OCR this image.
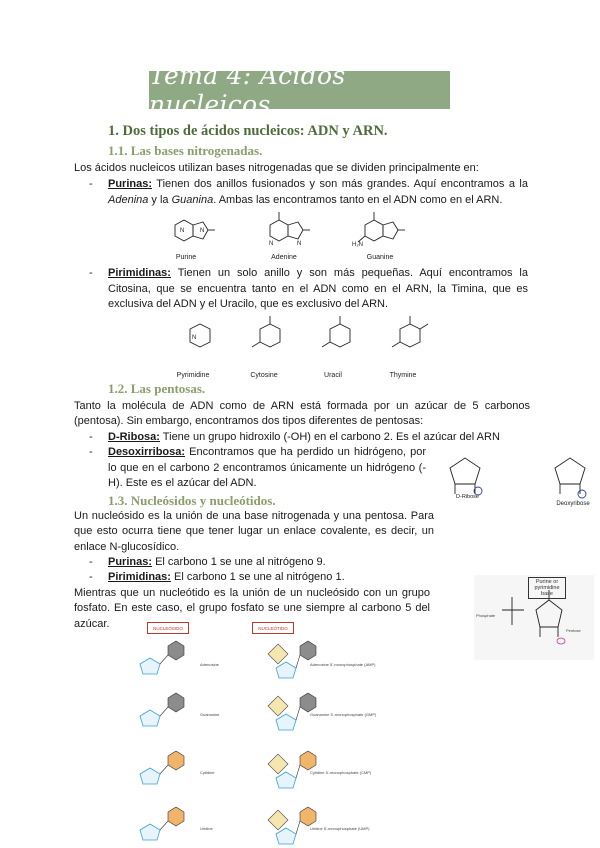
Tema 4: Ácidos nucleicos
1. Dos tipos de ácidos nucleicos: ADN y ARN.
1.1. Las bases nitrogenadas.
Los ácidos nucleicos utilizan bases nitrogenadas que se dividen principalmente en:
- Purinas: Tienen dos anillos fusionados y son más grandes. Aquí encontramos a la Adenina y la Guanina. Ambas las encontramos tanto en el ADN como en el ARN.
N	N
N	N	H₂N
Purine	Adenine	Guanine
- Pirimidinas: Tienen un solo anillo y son más pequeñas. Aquí encontramos la Citosina, que se encuentra tanto en el ADN como en el ARN, la Timina, que es exclusiva del ADN y el Uracilo, que es exclusivo del ARN.
N
Pyrimidine	Cytosine	Uracil	Thymine
1.2. Las pentosas.
Tanto la molécula de ADN como de ARN está formada por un azúcar de 5 carbonos (pentosa). Sin embargo, encontramos dos tipos diferentes de pentosas:
- D-Ribosa: Tiene un grupo hidroxilo (-OH) en el carbono 2. Es el azúcar del ARN
- Desoxirribosa: Encontramos que ha perdido un hidrógeno, por lo que en el carbono 2 encontramos únicamente un hidrógeno (-H). Este es el azúcar del ADN.
D-Ribose
Deoxyribose
1.3. Nucleósidos y nucleótidos.
Un nucleósido es la unión de una base nitrogenada y una pentosa. Para que esto ocurra tiene que tener lugar un enlace covalente, es decir, un enlace N-glucosídico.
- Purinas: El carbono 1 se une al nitrógeno 9.
- Pirimidinas: El carbono 1 se une al nitrógeno 1.
Mientras que un nucleótido es la unión de un nucleósido con un grupo fosfato. En este caso, el grupo fosfato se une siempre al carbono 5 del azúcar.
Purine or pyrimidine base
Phosphate
Pentose
NUCLEÓSIDO	NUCLEÓTIDO
Adenosine
Guanosine
Cytidine
Uridine
Adenosine 5'-monophosphate (AMP)
Guanosine 5'-monophosphate (GMP)
Cytidine 5'-monophosphate (CMP)
Uridine 5'-monophosphate (UMP)
